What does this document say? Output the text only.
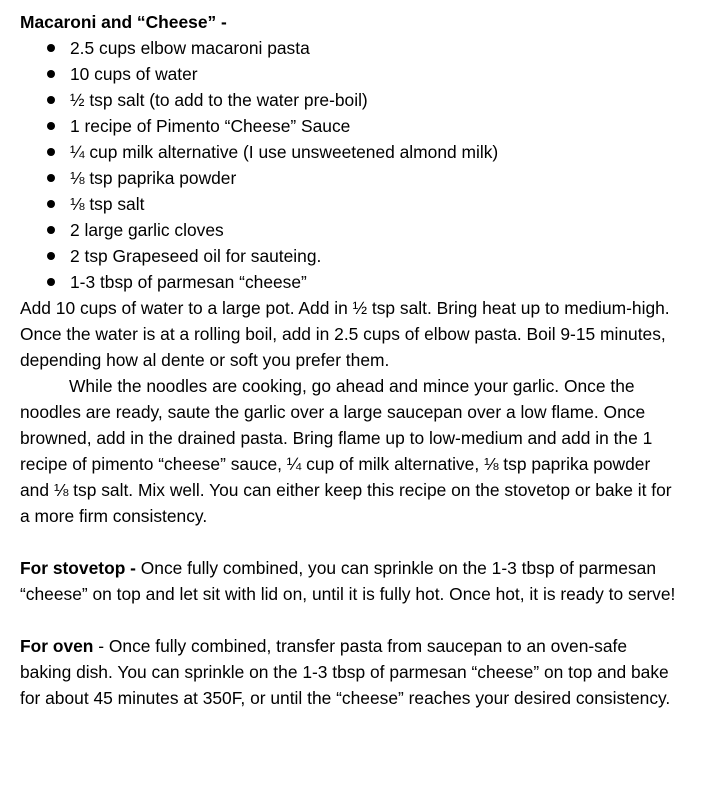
Macaroni and “Cheese” -

2.5 cups elbow macaroni pasta
10 cups of water
½ tsp salt (to add to the water pre-boil)
1 recipe of Pimento “Cheese” Sauce
¼ cup milk alternative (I use unsweetened almond milk)
⅛ tsp paprika powder
⅛ tsp salt
2 large garlic cloves
2 tsp Grapeseed oil for sauteing.
1-3 tbsp of parmesan “cheese”

Add 10 cups of water to a large pot. Add in ½ tsp salt. Bring heat up to medium-high. Once the water is at a rolling boil, add in 2.5 cups of elbow pasta. Boil 9-15 minutes, depending how al dente or soft you prefer them.

While the noodles are cooking, go ahead and mince your garlic. Once the noodles are ready, saute the garlic over a large saucepan over a low flame. Once browned, add in the drained pasta. Bring flame up to low-medium and add in the 1 recipe of pimento “cheese” sauce, ¼ cup of milk alternative, ⅛ tsp paprika powder and ⅛ tsp salt. Mix well. You can either keep this recipe on the stovetop or bake it for a more firm consistency.

For stovetop - Once fully combined, you can sprinkle on the 1-3 tbsp of parmesan “cheese” on top and let sit with lid on, until it is fully hot. Once hot, it is ready to serve!

For oven - Once fully combined, transfer pasta from saucepan to an oven-safe baking dish. You can sprinkle on the 1-3 tbsp of parmesan “cheese” on top and bake for about 45 minutes at 350F, or until the “cheese” reaches your desired consistency.
